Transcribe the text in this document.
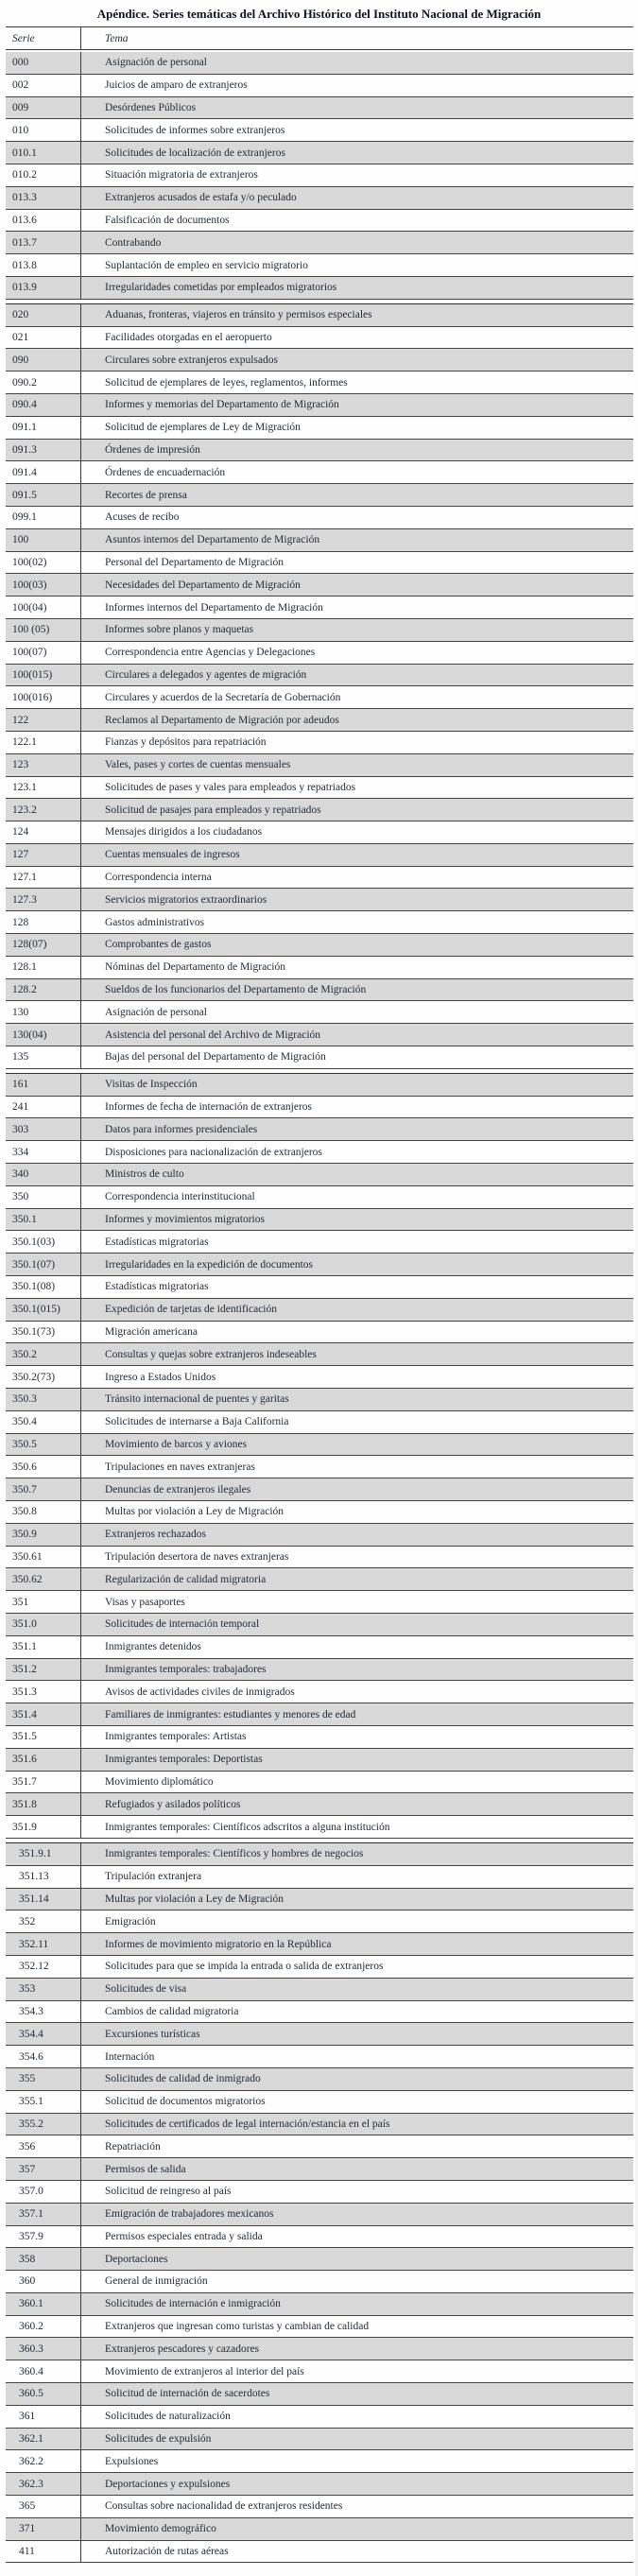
Apéndice. Series temáticas del Archivo Histórico del Instituto Nacional de Migración
Serie	Tema
000	Asignación de personal
002	Juicios de amparo de extranjeros
009	Desórdenes Públicos
010	Solicitudes de informes sobre extranjeros
010.1	Solicitudes de localización de extranjeros
010.2	Situación migratoria de extranjeros
013.3	Extranjeros acusados de estafa y/o peculado
013.6	Falsificación de documentos
013.7	Contrabando
013.8	Suplantación de empleo en servicio migratorio
013.9	Irregularidades cometidas por empleados migratorios
020	Aduanas, fronteras, viajeros en tránsito y permisos especiales
021	Facilidades otorgadas en el aeropuerto
090	Circulares sobre extranjeros expulsados
090.2	Solicitud de ejemplares de leyes, reglamentos, informes
090.4	Informes y memorias del Departamento de Migración
091.1	Solicitud de ejemplares de Ley de Migración
091.3	Órdenes de impresión
091.4	Órdenes de encuadernación
091.5	Recortes de prensa
099.1	Acuses de recibo
100	Asuntos internos del Departamento de Migración
100(02)	Personal del Departamento de Migración
100(03)	Necesidades del Departamento de Migración
100(04)	Informes internos del Departamento de Migración
100 (05)	Informes sobre planos y maquetas
100(07)	Correspondencia entre Agencias y Delegaciones
100(015)	Circulares a delegados y agentes de migración
100(016)	Circulares y acuerdos de la Secretaría de Gobernación
122	Reclamos al Departamento de Migración por adeudos
122.1	Fianzas y depósitos para repatriación
123	Vales, pases y cortes de cuentas mensuales
123.1	Solicitudes de pases y vales para empleados y repatriados
123.2	Solicitud de pasajes para empleados y repatriados
124	Mensajes dirigidos a los ciudadanos
127	Cuentas mensuales de ingresos
127.1	Correspondencia interna
127.3	Servicios migratorios extraordinarios
128	Gastos administrativos
128(07)	Comprobantes de gastos
128.1	Nóminas del Departamento de Migración
128.2	Sueldos de los funcionarios del Departamento de Migración
130	Asignación de personal
130(04)	Asistencia del personal del Archivo de Migración
135	Bajas del personal del Departamento de Migración
161	Visitas de Inspección
241	Informes de fecha de internación de extranjeros
303	Datos para informes presidenciales
334	Disposiciones para nacionalización de extranjeros
340	Ministros de culto
350	Correspondencia interinstitucional
350.1	Informes y movimientos migratorios
350.1(03)	Estadísticas migratorias
350.1(07)	Irregularidades en la expedición de documentos
350.1(08)	Estadísticas migratorias
350.1(015)	Expedición de tarjetas de identificación
350.1(73)	Migración americana
350.2	Consultas y quejas sobre extranjeros indeseables
350.2(73)	Ingreso a Estados Unidos
350.3	Tránsito internacional de puentes y garitas
350.4	Solicitudes de internarse a Baja California
350.5	Movimiento de barcos y aviones
350.6	Tripulaciones en naves extranjeras
350.7	Denuncias de extranjeros ilegales
350.8	Multas por violación a Ley de Migración
350.9	Extranjeros rechazados
350.61	Tripulación desertora de naves extranjeras
350.62	Regularización de calidad migratoria
351	Visas y pasaportes
351.0	Solicitudes de internación temporal
351.1	Inmigrantes detenidos
351.2	Inmigrantes temporales: trabajadores
351.3	Avisos de actividades civiles de inmigrados
351.4	Familiares de inmigrantes: estudiantes y menores de edad
351.5	Inmigrantes temporales: Artistas
351.6	Inmigrantes temporales: Deportistas
351.7	Movimiento diplomático
351.8	Refugiados y asilados políticos
351.9	Inmigrantes temporales: Científicos adscritos a alguna institución
351.9.1	Inmigrantes temporales: Científicos y hombres de negocios
351.13	Tripulación extranjera
351.14	Multas por violación a Ley de Migración
352	Emigración
352.11	Informes de movimiento migratorio en la República
352.12	Solicitudes para que se impida la entrada o salida de extranjeros
353	Solicitudes de visa
354.3	Cambios de calidad migratoria
354.4	Excursiones turísticas
354.6	Internación
355	Solicitudes de calidad de inmigrado
355.1	Solicitud de documentos migratorios
355.2	Solicitudes de certificados de legal internación/estancia en el país
356	Repatriación
357	Permisos de salida
357.0	Solicitud de reingreso al país
357.1	Emigración de trabajadores mexicanos
357.9	Permisos especiales entrada y salida
358	Deportaciones
360	General de inmigración
360.1	Solicitudes de internación e inmigración
360.2	Extranjeros que ingresan como turistas y cambian de calidad
360.3	Extranjeros pescadores y cazadores
360.4	Movimiento de extranjeros al interior del país
360.5	Solicitud de internación de sacerdotes
361	Solicitudes de naturalización
362.1	Solicitudes de expulsión
362.2	Expulsiones
362.3	Deportaciones y expulsiones
365	Consultas sobre nacionalidad de extranjeros residentes
371	Movimiento demográfico
411	Autorización de rutas aéreas
